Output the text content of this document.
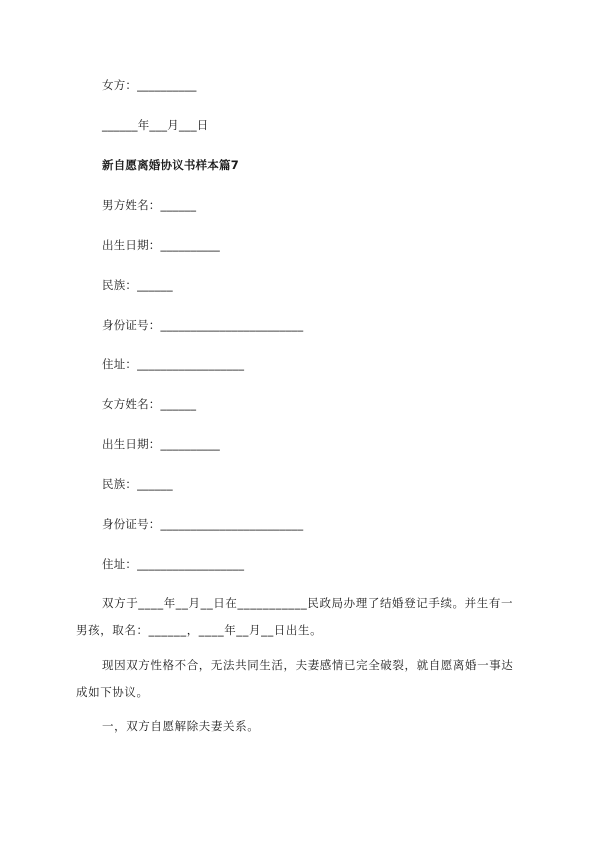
女方：__________
______年___月___日
新自愿离婚协议书样本篇7
男方姓名：______
出生日期：__________
民族：______
身份证号：________________________
住址：__________________
女方姓名：______
出生日期：__________
民族：______
身份证号：________________________
住址：__________________
双方于____年__月__日在___________民政局办理了结婚登记手续。并生有一男孩，取名：______，____年__月__日出生。
现因双方性格不合，无法共同生活，夫妻感情已完全破裂，就自愿离婚一事达成如下协议。
一，双方自愿解除夫妻关系。
